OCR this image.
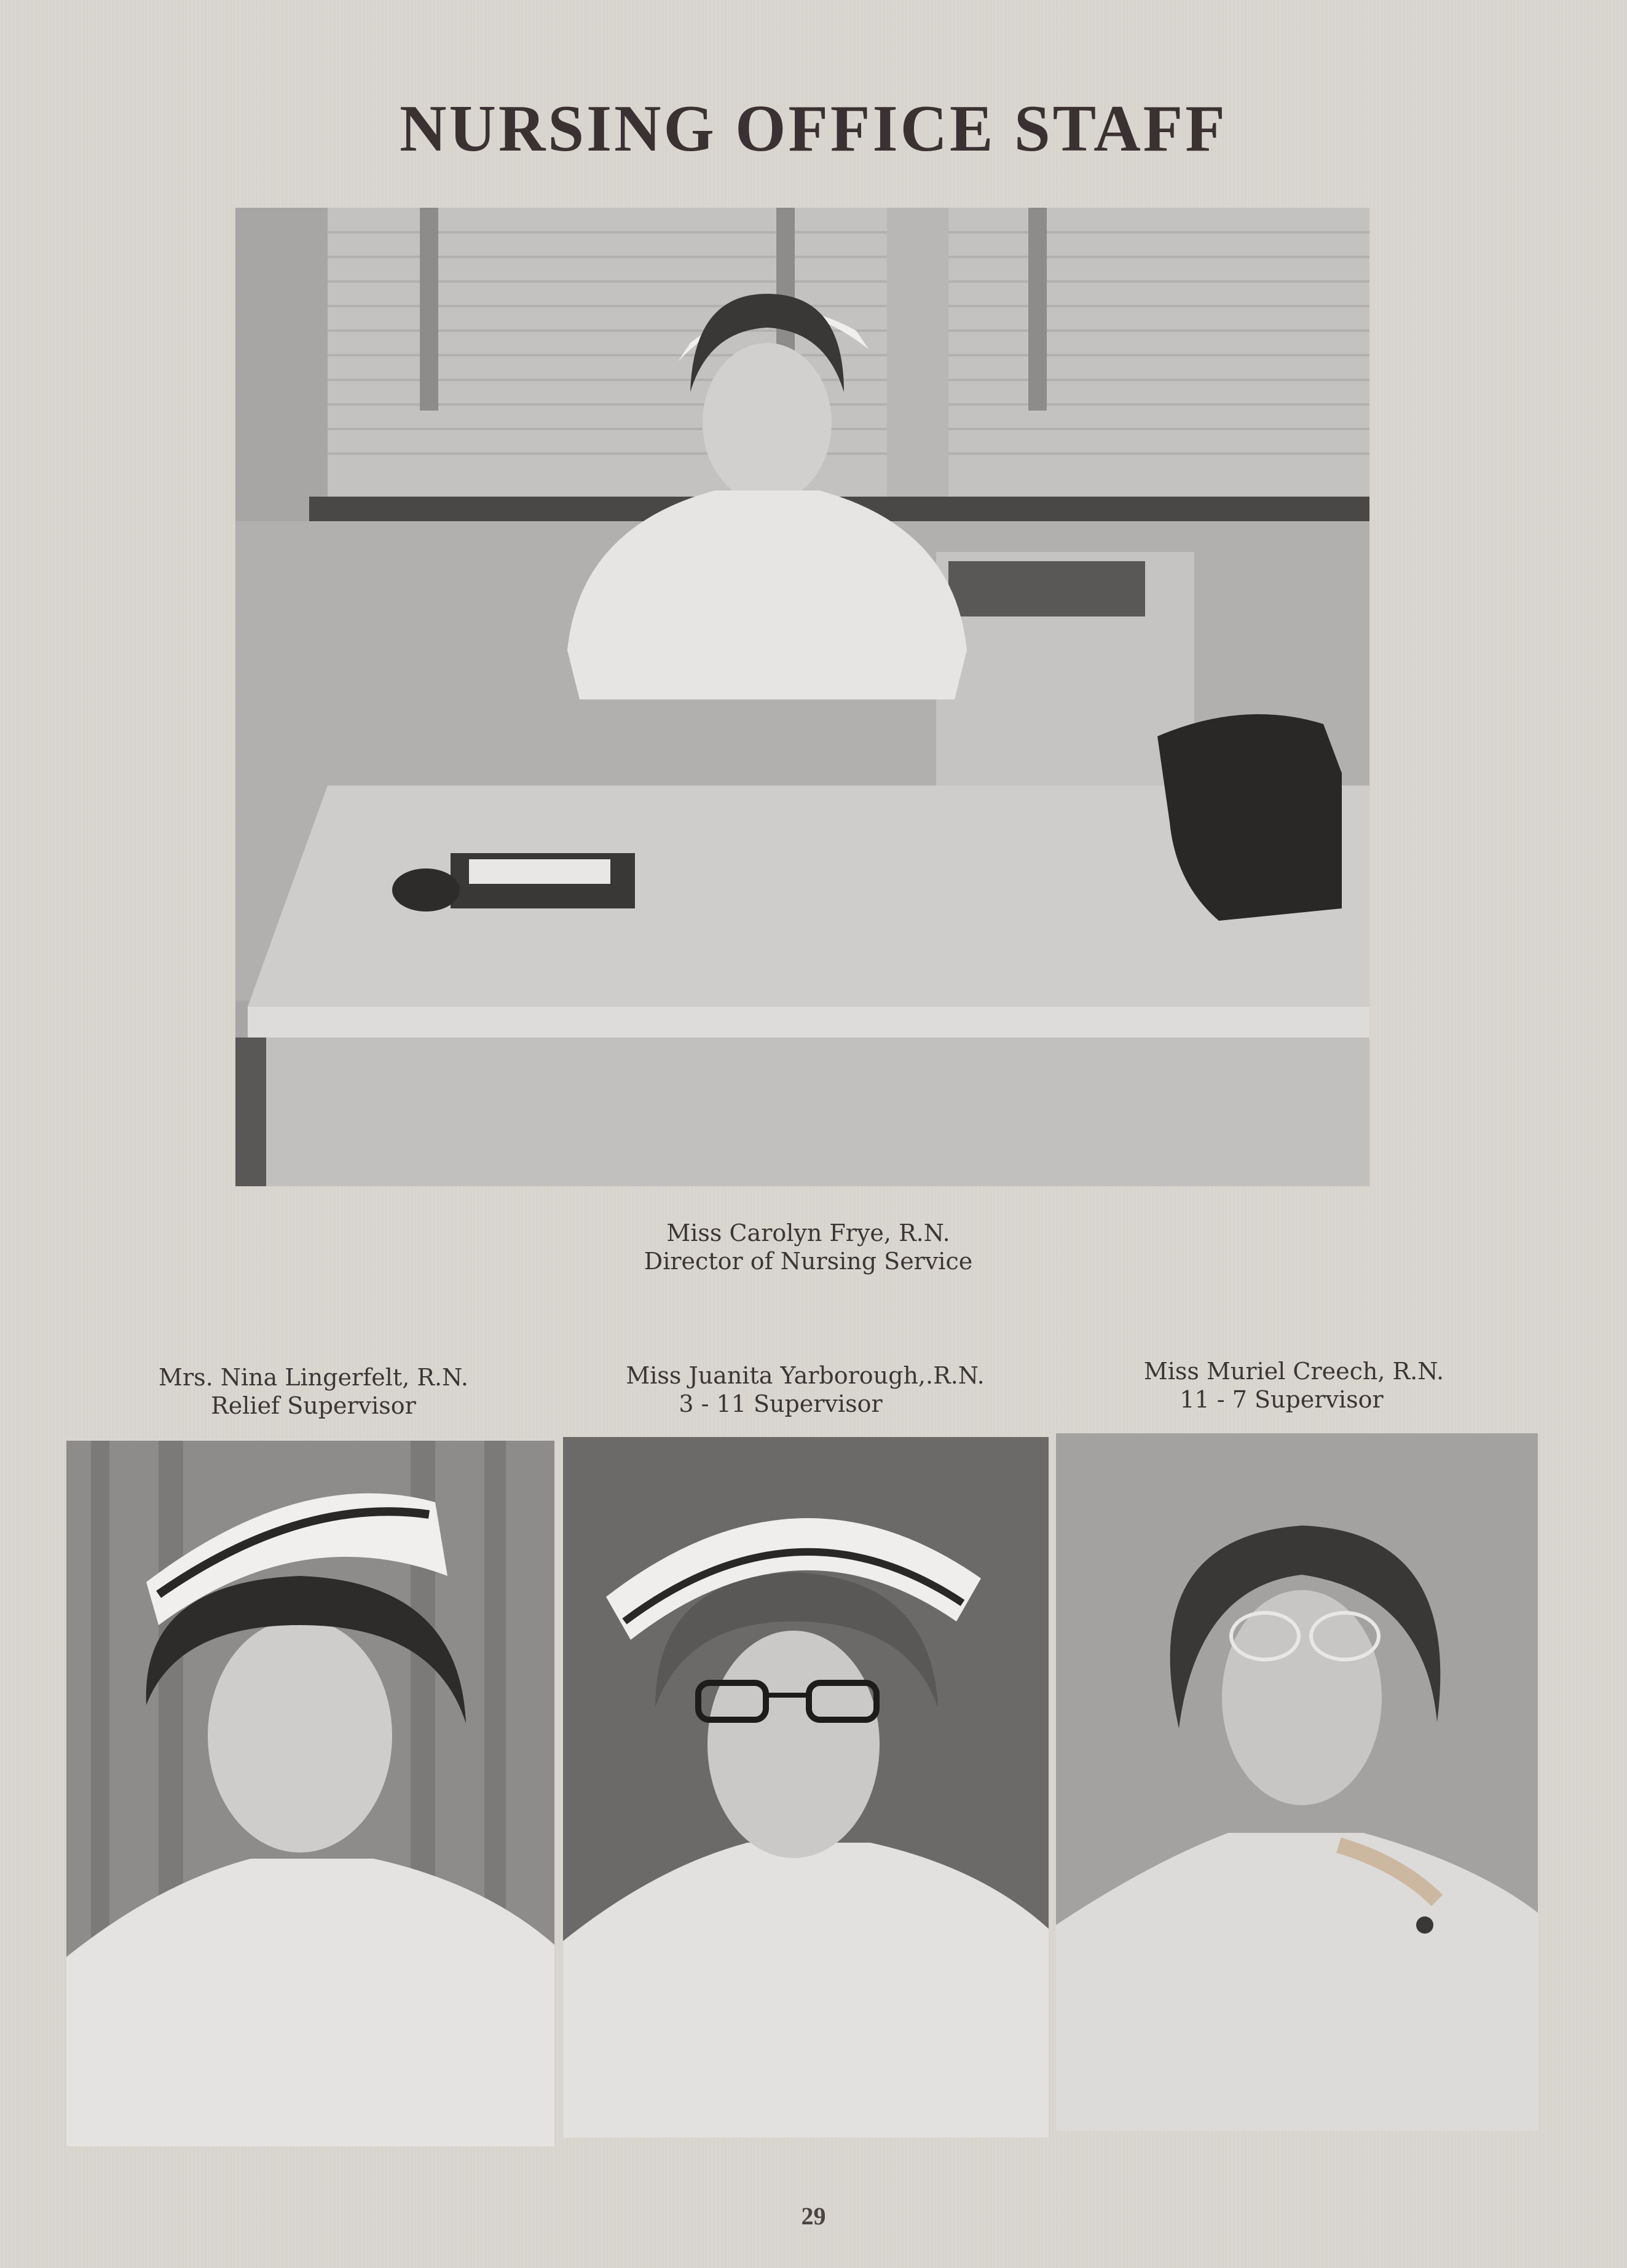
NURSING OFFICE STAFF
Miss Carolyn Frye, R.N.
Director of Nursing Service
Mrs. Nina Lingerfelt, R.N.
Relief Supervisor
Miss Juanita Yarborough,.R.N.
3 - 11 Supervisor
Miss Muriel Creech, R.N.
11 - 7 Supervisor
29
